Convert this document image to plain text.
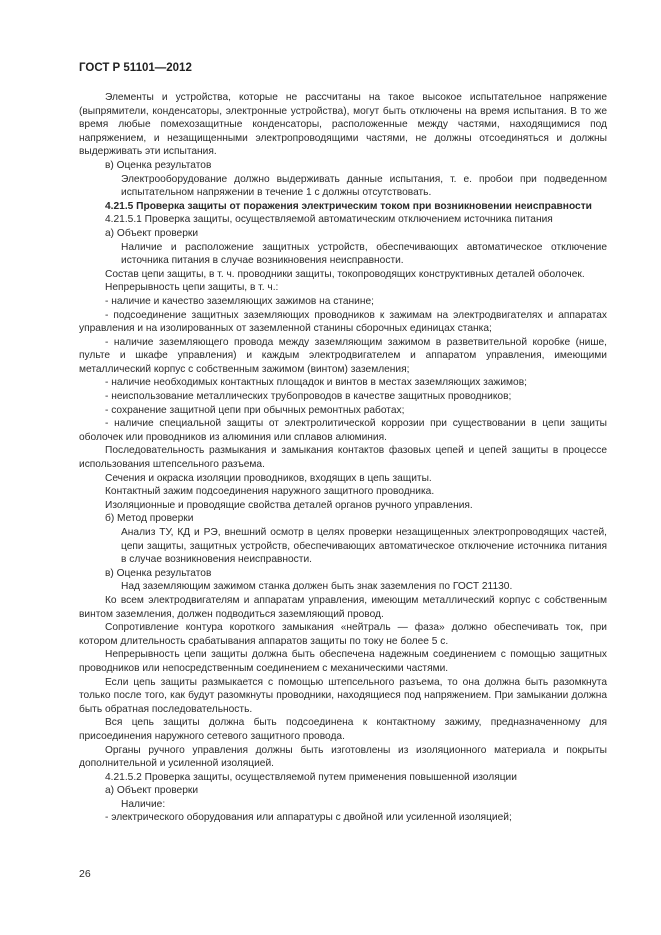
ГОСТ Р 51101—2012

Элементы и устройства, которые не рассчитаны на такое высокое испытательное напряжение (выпрямители, конденсаторы, электронные устройства), могут быть отключены на время испытания. В то же время любые помехозащитные конденсаторы, расположенные между частями, находящимися под напряжением, и незащищенными электропроводящими частями, не должны отсоединяться и должны выдерживать эти испытания.

в) Оценка результатов

Электрооборудование должно выдерживать данные испытания, т. е. пробои при подведенном испытательном напряжении в течение 1 с должны отсутствовать.

4.21.5 Проверка защиты от поражения электрическим током при возникновении неисправности

4.21.5.1 Проверка защиты, осуществляемой автоматическим отключением источника питания

а) Объект проверки

Наличие и расположение защитных устройств, обеспечивающих автоматическое отключение источника питания в случае возникновения неисправности.

Состав цепи защиты, в т. ч. проводники защиты, токопроводящих конструктивных деталей оболочек.

Непрерывность цепи защиты, в т. ч.:

- наличие и качество заземляющих зажимов на станине;

- подсоединение защитных заземляющих проводников к зажимам на электродвигателях и аппаратах управления и на изолированных от заземленной станины сборочных единицах станка;

- наличие заземляющего провода между заземляющим зажимом в разветвительной коробке (нише, пульте и шкафе управления) и каждым электродвигателем и аппаратом управления, имеющими металлический корпус с собственным зажимом (винтом) заземления;

- наличие необходимых контактных площадок и винтов в местах заземляющих зажимов;

- неиспользование металлических трубопроводов в качестве защитных проводников;

- сохранение защитной цепи при обычных ремонтных работах;

- наличие специальной защиты от электролитической коррозии при существовании в цепи защиты оболочек или проводников из алюминия или сплавов алюминия.

Последовательность размыкания и замыкания контактов фазовых цепей и цепей защиты в процессе использования штепсельного разъема.

Сечения и окраска изоляции проводников, входящих в цепь защиты.

Контактный зажим подсоединения наружного защитного проводника.

Изоляционные и проводящие свойства деталей органов ручного управления.

б) Метод проверки

Анализ ТУ, КД и РЭ, внешний осмотр в целях проверки незащищенных электропроводящих частей, цепи защиты, защитных устройств, обеспечивающих автоматическое отключение источника питания в случае возникновения неисправности.

в) Оценка результатов

Над заземляющим зажимом станка должен быть знак заземления по ГОСТ 21130.

Ко всем электродвигателям и аппаратам управления, имеющим металлический корпус с собственным винтом заземления, должен подводиться заземляющий провод.

Сопротивление контура короткого замыкания «нейтраль — фаза» должно обеспечивать ток, при котором длительность срабатывания аппаратов защиты по току не более 5 с.

Непрерывность цепи защиты должна быть обеспечена надежным соединением с помощью защитных проводников или непосредственным соединением с механическими частями.

Если цепь защиты размыкается с помощью штепсельного разъема, то она должна быть разомкнута только после того, как будут разомкнуты проводники, находящиеся под напряжением. При замыкании должна быть обратная последовательность.

Вся цепь защиты должна быть подсоединена к контактному зажиму, предназначенному для присоединения наружного сетевого защитного провода.

Органы ручного управления должны быть изготовлены из изоляционного материала и покрыты дополнительной и усиленной изоляцией.

4.21.5.2 Проверка защиты, осуществляемой путем применения повышенной изоляции

а) Объект проверки

Наличие:

- электрического оборудования или аппаратуры с двойной или усиленной изоляцией;

26
